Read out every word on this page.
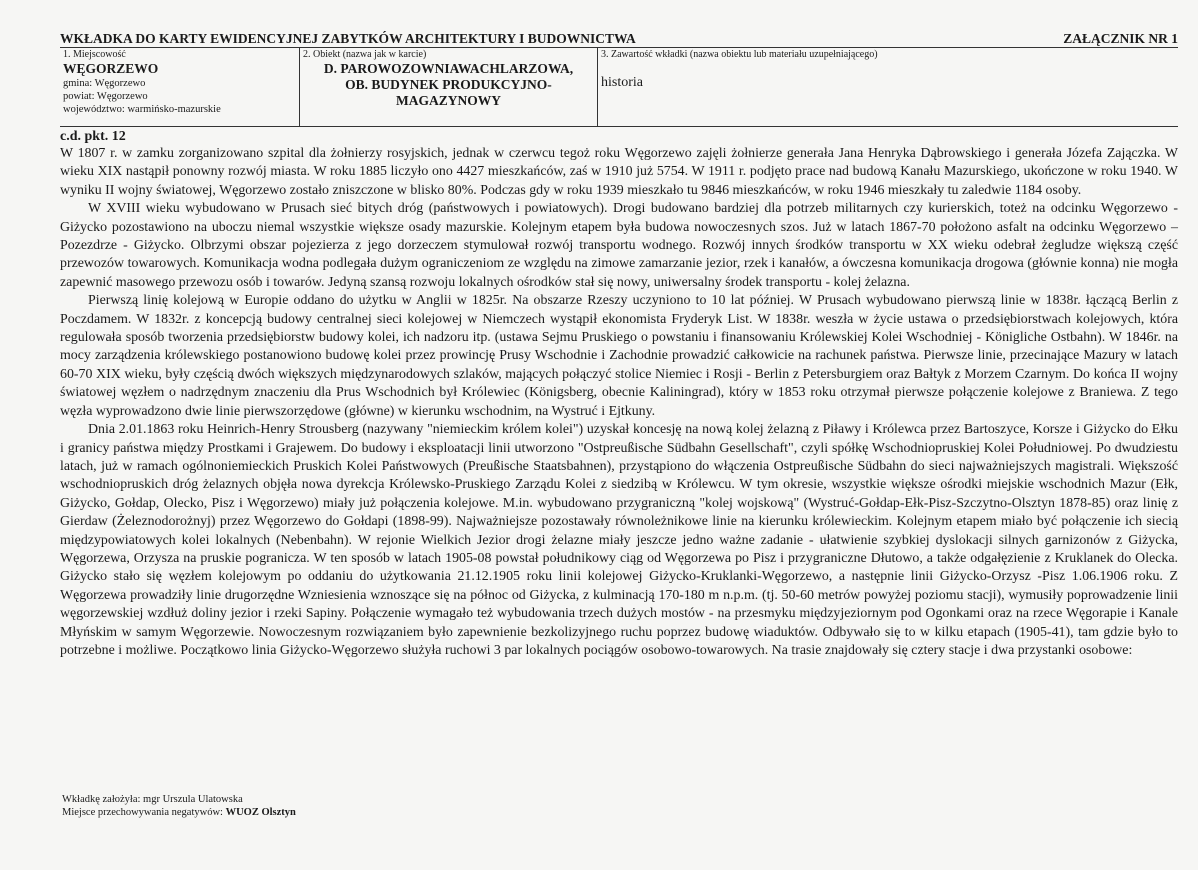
WKŁADKA DO KARTY EWIDENCYJNEJ ZABYTKÓW ARCHITEKTURY I BUDOWNICTWA	ZAŁĄCZNIK NR 1
1. Miejscowość
WĘGORZEWO
gmina: Węgorzewo
powiat: Węgorzewo
województwo: warmińsko-mazurskie
2. Obiekt (nazwa jak w karcie)
D. PAROWOZOWNIAWACHLARZOWA,
OB. BUDYNEK PRODUKCYJNO-
MAGAZYNOWY
3. Zawartość wkładki (nazwa obiektu lub materiału uzupełniającego)
historia
c.d. pkt. 12

W 1807 r. w zamku zorganizowano szpital dla żołnierzy rosyjskich, jednak w czerwcu tegoż roku Węgorzewo zajęli żołnierze generała Jana Henryka Dąbrowskiego i generała Józefa Zajączka. W wieku XIX nastąpił ponowny rozwój miasta. W roku 1885 liczyło ono 4427 mieszkańców, zaś w 1910 już 5754. W 1911 r. podjęto prace nad budową Kanału Mazurskiego, ukończone w roku 1940. W wyniku II wojny światowej, Węgorzewo zostało zniszczone w blisko 80%. Podczas gdy w roku 1939 mieszkało tu 9846 mieszkańców, w roku 1946 mieszkały tu zaledwie 1184 osoby.

W XVIII wieku wybudowano w Prusach sieć bitych dróg (państwowych i powiatowych). Drogi budowano bardziej dla potrzeb militarnych czy kurierskich, toteż na odcinku Węgorzewo - Giżycko pozostawiono na uboczu niemal wszystkie większe osady mazurskie. Kolejnym etapem była budowa nowoczesnych szos. Już w latach 1867-70 położono asfalt na odcinku Węgorzewo – Pozezdrze - Giżycko. Olbrzymi obszar pojezierza z jego dorzeczem stymulował rozwój transportu wodnego. Rozwój innych środków transportu w XX wieku odebrał żegludze większą część przewozów towarowych. Komunikacja wodna podlegała dużym ograniczeniom ze względu na zimowe zamarzanie jezior, rzek i kanałów, a ówczesna komunikacja drogowa (głównie konna) nie mogła zapewnić masowego przewozu osób i towarów. Jedyną szansą rozwoju lokalnych ośrodków stał się nowy, uniwersalny środek transportu - kolej żelazna.

Pierwszą linię kolejową w Europie oddano do użytku w Anglii w 1825r. Na obszarze Rzeszy uczyniono to 10 lat później. W Prusach wybudowano pierwszą linie w 1838r. łączącą Berlin z Poczdamem. W 1832r. z koncepcją budowy centralnej sieci kolejowej w Niemczech wystąpił ekonomista Fryderyk List. W 1838r. weszła w życie ustawa o przedsiębiorstwach kolejowych, która regulowała sposób tworzenia przedsiębiorstw budowy kolei, ich nadzoru itp. (ustawa Sejmu Pruskiego o powstaniu i finansowaniu Królewskiej Kolei Wschodniej - Königliche Ostbahn). W 1846r. na mocy zarządzenia królewskiego postanowiono budowę kolei przez prowincję Prusy Wschodnie i Zachodnie prowadzić całkowicie na rachunek państwa. Pierwsze linie, przecinające Mazury w latach 60-70 XIX wieku, były częścią dwóch większych międzynarodowych szlaków, mających połączyć stolice Niemiec i Rosji - Berlin z Petersburgiem oraz Bałtyk z Morzem Czarnym. Do końca II wojny światowej węzłem o nadrzędnym znaczeniu dla Prus Wschodnich był Królewiec (Königsberg, obecnie Kaliningrad), który w 1853 roku otrzymał pierwsze połączenie kolejowe z Braniewa. Z tego węzła wyprowadzono dwie linie pierwszorzędowe (główne) w kierunku wschodnim, na Wystruć i Ejtkuny.

Dnia 2.01.1863 roku Heinrich-Henry Strousberg (nazywany "niemieckim królem kolei") uzyskał koncesję na nową kolej żelazną z Piławy i Królewca przez Bartoszyce, Korsze i Giżycko do Ełku i granicy państwa między Prostkami i Grajewem. Do budowy i eksploatacji linii utworzono "Ostpreußische Südbahn Gesellschaft", czyli spółkę Wschodniopruskiej Kolei Południowej. Po dwudziestu latach, już w ramach ogólnoniemieckich Pruskich Kolei Państwowych (Preußische Staatsbahnen), przystąpiono do włączenia Ostpreußische Südbahn do sieci najważniejszych magistrali. Większość wschodniopruskich dróg żelaznych objęła nowa dyrekcja Królewsko-Pruskiego Zarządu Kolei z siedzibą w Królewcu. W tym okresie, wszystkie większe ośrodki miejskie wschodnich Mazur (Ełk, Giżycko, Gołdap, Olecko, Pisz i Węgorzewo) miały już połączenia kolejowe. M.in. wybudowano przygraniczną "kolej wojskową" (Wystruć-Gołdap-Ełk-Pisz-Szczytno-Olsztyn 1878-85) oraz linię z Gierdaw (Żeleznodorożnyj) przez Węgorzewo do Gołdapi (1898-99). Najważniejsze pozostawały równoleżnikowe linie na kierunku królewieckim. Kolejnym etapem miało być połączenie ich siecią międzypowiatowych kolei lokalnych (Nebenbahn). W rejonie Wielkich Jezior drogi żelazne miały jeszcze jedno ważne zadanie - ułatwienie szybkiej dyslokacji silnych garnizonów z Giżycka, Węgorzewa, Orzysza na pruskie pogranicza. W ten sposób w latach 1905-08 powstał południkowy ciąg od Węgorzewa po Pisz i przygraniczne Dłutowo, a także odgałęzienie z Kruklanek do Olecka. Giżycko stało się węzłem kolejowym po oddaniu do użytkowania 21.12.1905 roku linii kolejowej Giżycko-Kruklanki-Węgorzewo, a następnie linii Giżycko-Orzysz -Pisz 1.06.1906 roku. Z Węgorzewa prowadziły linie drugorzędne Wzniesienia wznoszące się na północ od Giżycka, z kulminacją 170-180 m n.p.m. (tj. 50-60 metrów powyżej poziomu stacji), wymusiły poprowadzenie linii węgorzewskiej wzdłuż doliny jezior i rzeki Sapiny. Połączenie wymagało też wybudowania trzech dużych mostów - na przesmyku międzyjeziornym pod Ogonkami oraz na rzece Węgorapie i Kanale Młyńskim w samym Węgorzewie. Nowoczesnym rozwiązaniem było zapewnienie bezkolizyjnego ruchu poprzez budowę wiaduktów. Odbywało się to w kilku etapach (1905-41), tam gdzie było to potrzebne i możliwe. Początkowo linia Giżycko-Węgorzewo służyła ruchowi 3 par lokalnych pociągów osobowo-towarowych. Na trasie znajdowały się cztery stacje i dwa przystanki osobowe:

Wkładkę założyła: mgr Urszula Ulatowska
Miejsce przechowywania negatywów: WUOZ Olsztyn
